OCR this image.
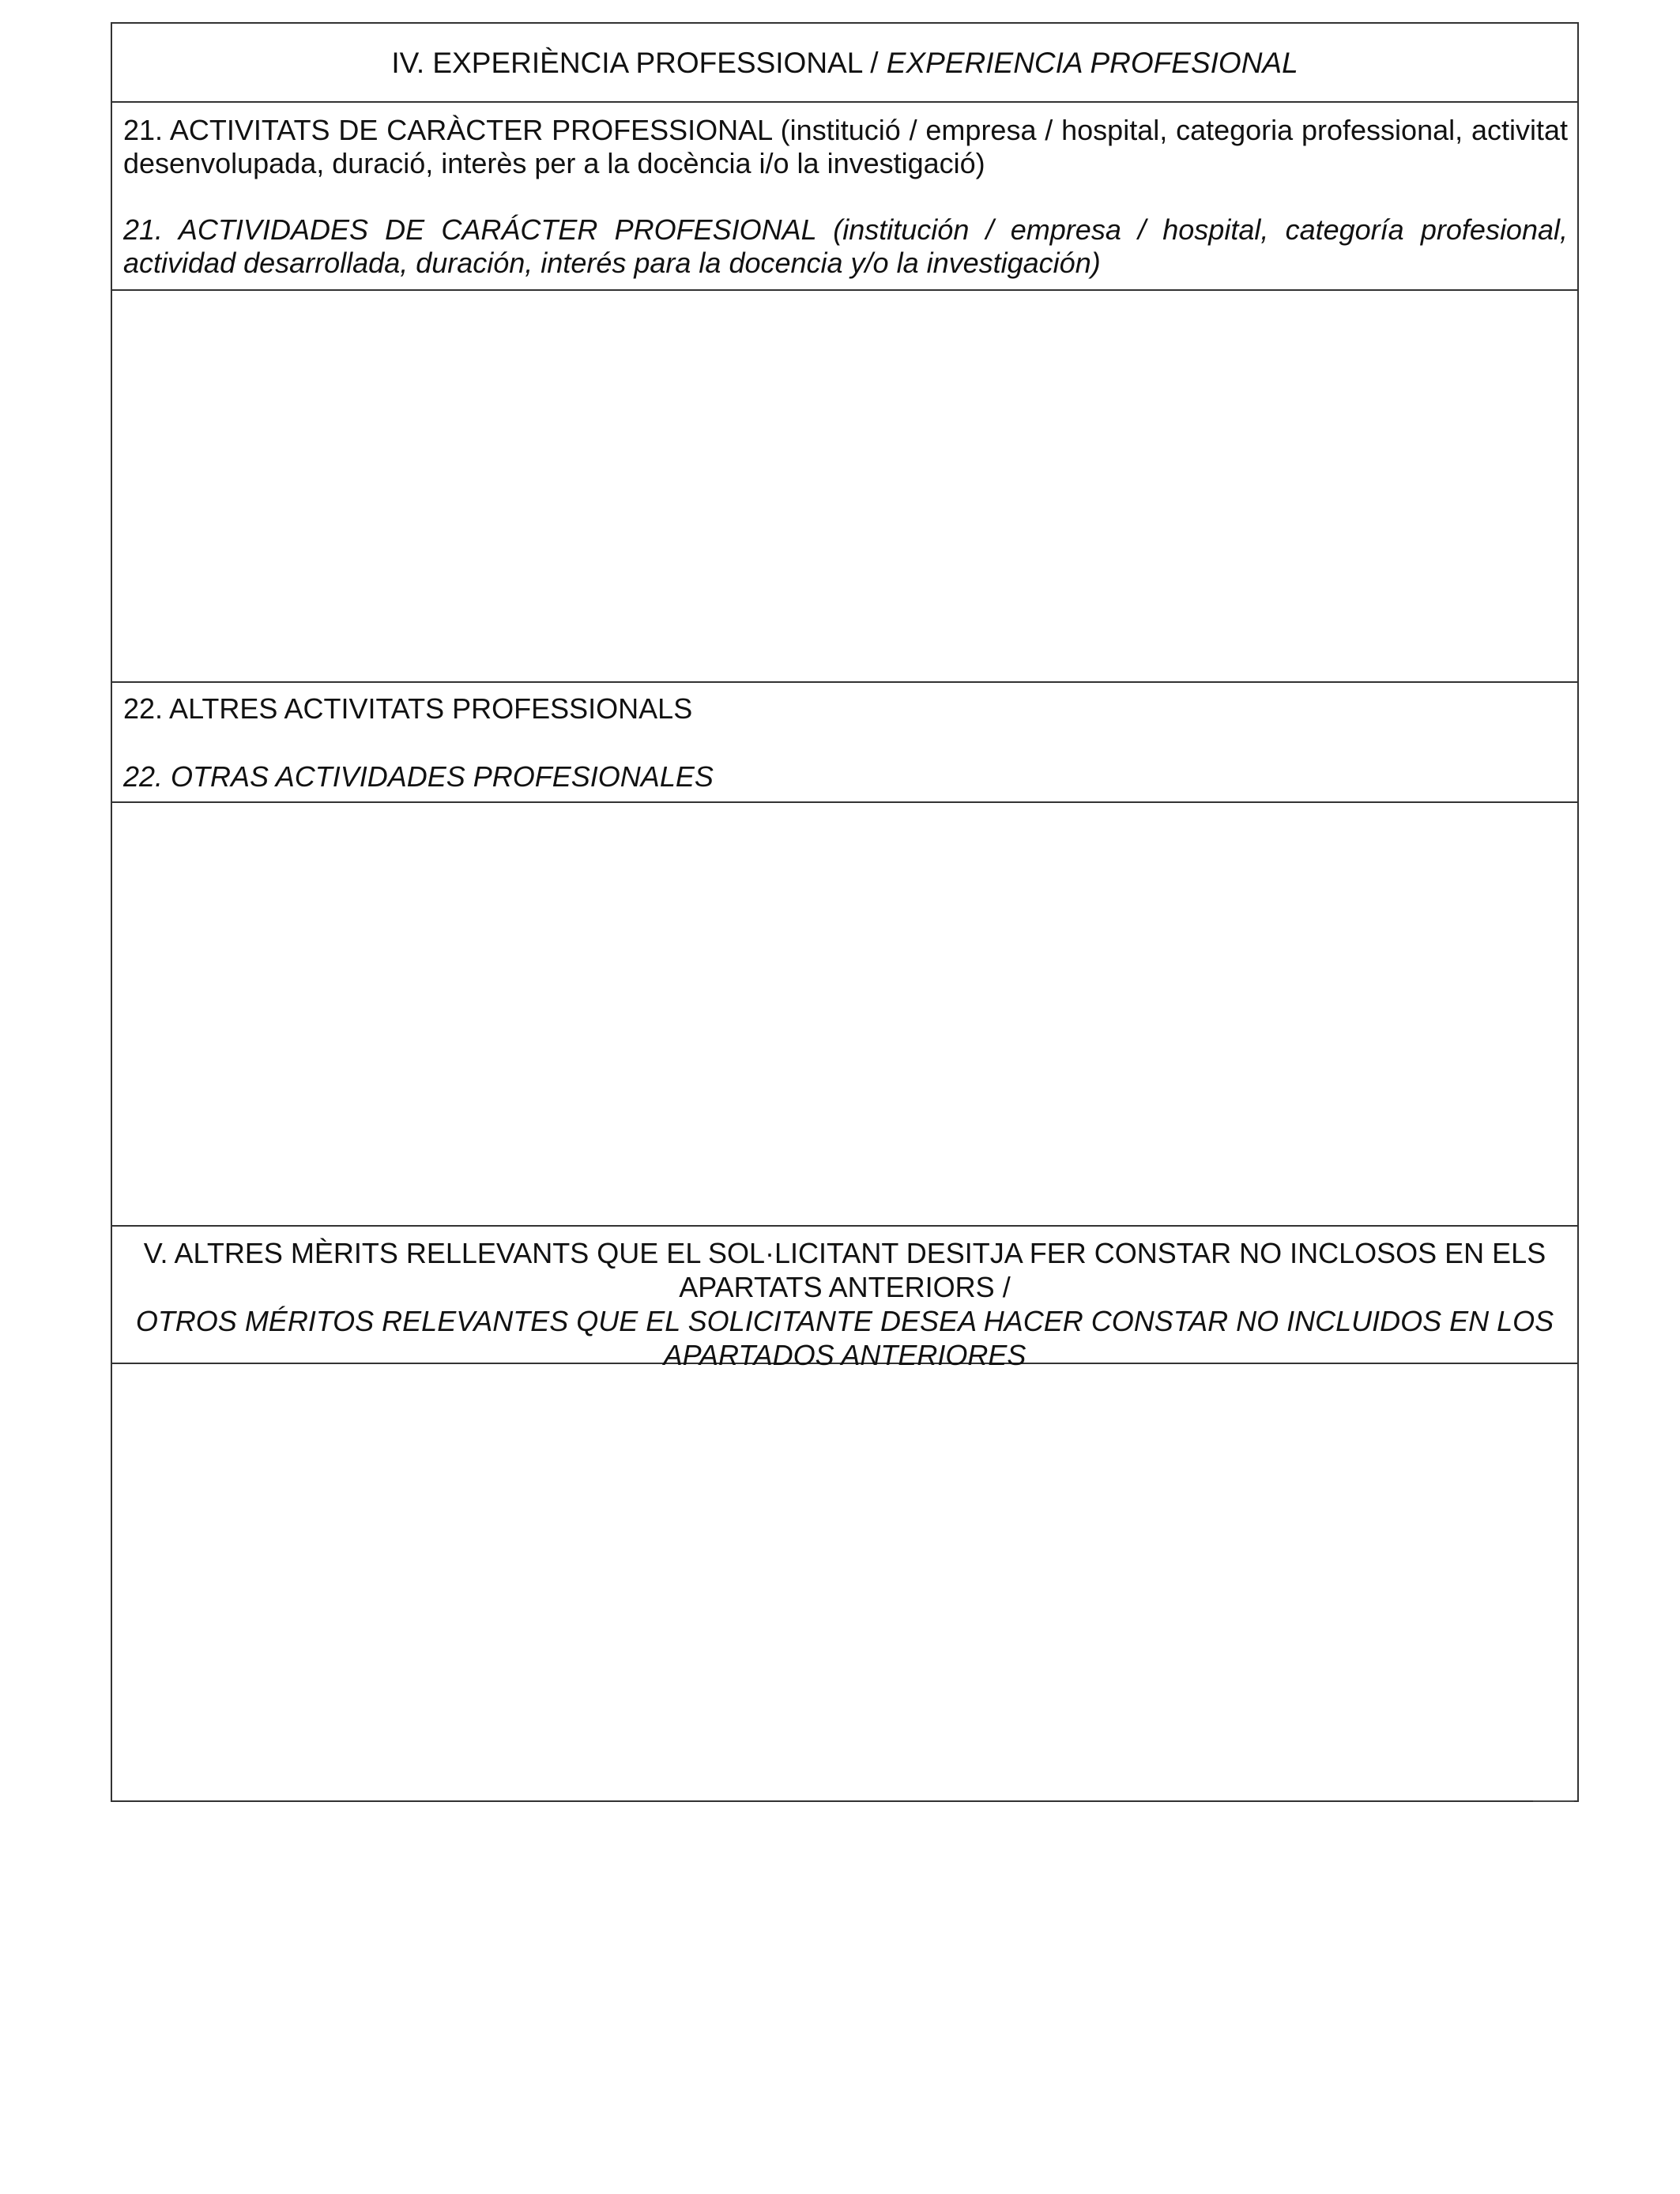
IV. EXPERIÈNCIA PROFESSIONAL / EXPERIENCIA PROFESIONAL

21. ACTIVITATS DE CARÀCTER PROFESSIONAL (institució / empresa / hospital, categoria professional, activitat desenvolupada, duració, interès per a la docència i/o la investigació)

21. ACTIVIDADES DE CARÁCTER PROFESIONAL (institución / empresa / hospital, categoría profesional, actividad desarrollada, duración, interés para la docencia y/o la investigación)

22. ALTRES ACTIVITATS PROFESSIONALS

22. OTRAS ACTIVIDADES PROFESIONALES

V. ALTRES MÈRITS RELLEVANTS QUE EL SOL·LICITANT DESITJA FER CONSTAR NO INCLOSOS EN ELS

APARTATS ANTERIORS /

OTROS MÉRITOS RELEVANTES QUE EL SOLICITANTE DESEA HACER CONSTAR NO INCLUIDOS EN LOS

APARTADOS ANTERIORES
